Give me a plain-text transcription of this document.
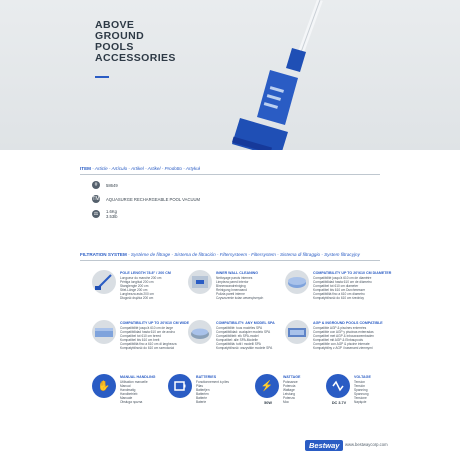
ABOVE
GROUND
POOLS
ACCESSORIES
ITEM - Article - Artículo - Artikel - Artikel - Prodotto - Artykuł
#	58649
TM AQUASURGE RECHARGEABLE POOL VACUUM
⚖	1.6Kg
3.53lb
FILTRATION SYSTEM - Système de filtrage - Sistema de filtración - Filtersysteem - Filtersystem - Sistema di filtraggio - System filtracyjny
POLE LENGTH 78.8″ / 200 CM
Longueur du manche 200 cm
Pértiga longitud 200 cm
Stanglengte 200 cm
Stiel-Länge 200 cm
Lunghezza asta 200 cm
Długość drążka 200 cm
INNER WALL CLEANING
Nettoyage parois internes
Limpieza pared interior
Binnenwandreiniging
Reinigung Innenwand
Pulizia pareti interne
Czyszczenie ścian wewnętrznych
COMPATIBILITY UP TO 20'/610 CM DIAMETER
Compatibilité jusqu'à 610 cm de diamètre
Compatibilidad hasta 610 cm de diámetro
Compatibel tot 610 cm diameter
Kompatibel bis 610 cm Durchmesser
Compatibilità fino a 610 cm diametro
Kompatybilność do 610 cm średnicy
COMPATIBILITY UP TO 20'/610 CM WIDE
Compatibilité jusqu'à 610 cm de large
Compatibilidad hasta 610 cm de ancho
Compatibel tot 610 cm breed
Kompatibel bis 610 cm breit
Compatibilità fino a 610 cm di larghezza
Kompatybilność do 610 cm szerokości
COMPATIBILITY: ANY MODEL SPA
Compatibilité: tous modèles SPA
Compatibilidad: cualquier modelo SPA
Compatibiliteit: elk SPA-model
Kompatibel: alle SPA-Modelle
Compatibilità: tutti i modelli SPA
Kompatybilność: wszystkie modele SPA
AGP & INGROUND POOLS COMPATIBLE
Compatible AGP & piscines enterrées
Compatible con AGP y piscinas enterradas
Compatibel met AGP & inbouwzwembaden
Kompatibel mit AGP & Einbaupools
Compatibile con AGP & piscine interrate
Kompatybilny z AGP i basenami ziemnymi
✋
MANUAL HANDLING
Utilisation manuelle
Manual
Handmatig
Handbetrieb
Manuale
Obsługa ręczna
BATTERIES
Fonctionnement à piles
Pilas
Batterijen
Batterien
Batterie
Baterie
⚡
WATTAGE
Puissance
Potencia
Wattage
Leistung
Potenza
Moc
50W
VOLTAGE
Tension
Tensión
Spanning
Spannung
Tensione
Napięcie
DC 3.7V
Bestway	www.bestwaycorp.com
